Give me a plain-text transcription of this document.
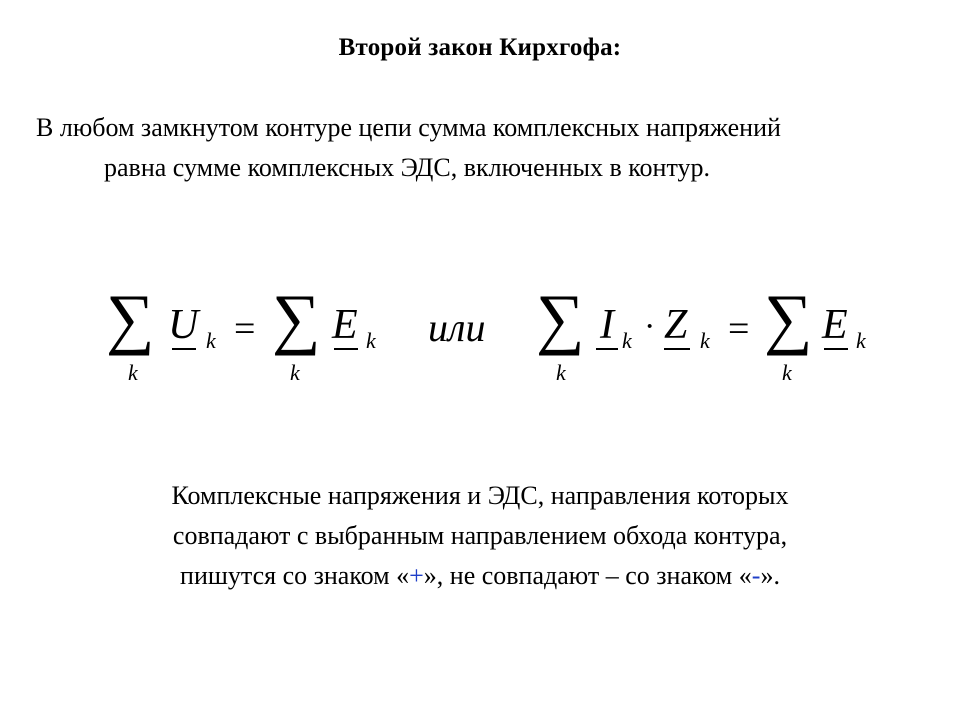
Второй закон Кирхгофа:
В любом замкнутом контуре цепи сумма комплексных напряжений
равна сумме комплексных ЭДС, включенных в контур.
∑
k
U k = ∑
k
E k или ∑
k
I k · Z k = ∑
k
E k
Комплексные напряжения и ЭДС, направления которых
совпадают с выбранным направлением обхода контура,
пишутся со знаком «+», не совпадают – со знаком «-».
